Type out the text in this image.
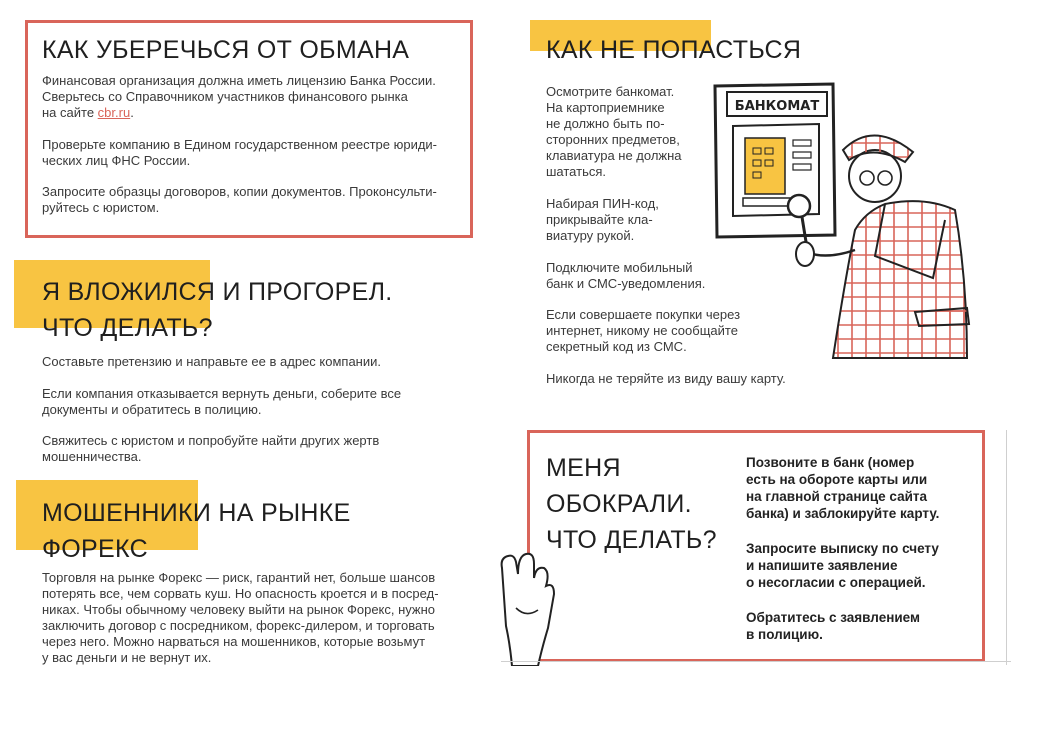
КАК УБЕРЕЧЬСЯ ОТ ОБМАНА

Финансовая организация должна иметь лицензию Банка России.
Сверьтесь со Справочником участников финансового рынка
на сайте cbr.ru.

Проверьте компанию в Едином государственном реестре юриди-
ческих лиц ФНС России.

Запросите образцы договоров, копии документов. Проконсульти-
руйтесь с юристом.

Я ВЛОЖИЛСЯ И ПРОГОРЕЛ.
ЧТО ДЕЛАТЬ?

Составьте претензию и направьте ее в адрес компании.

Если компания отказывается вернуть деньги, соберите все
документы и обратитесь в полицию.

Свяжитесь с юристом и попробуйте найти других жертв
мошенничества.

МОШЕННИКИ НА РЫНКЕ
ФОРЕКС

Торговля на рынке Форекс — риск, гарантий нет, больше шансов
потерять все, чем сорвать куш. Но опасность кроется и в посред-
никах. Чтобы обычному человеку выйти на рынок Форекс, нужно
заключить договор с посредником, форекс-дилером, и торговать
через него. Можно нарваться на мошенников, которые возьмут
у вас деньги и не вернут их.

КАК НЕ ПОПАСТЬСЯ

Осмотрите банкомат.
На картоприемнике
не должно быть по-
сторонних предметов,
клавиатура не должна
шататься.

Набирая ПИН-код,
прикрывайте кла-
виатуру рукой.

Подключите мобильный
банк и СМС-уведомления.

Если совершаете покупки через
интернет, никому не сообщайте
секретный код из СМС.

Никогда не теряйте из виду вашу карту.

БАНКОМАТ
МЕНЯ
ОБОКРАЛИ.
ЧТО ДЕЛАТЬ?

Позвоните в банк (номер
есть на обороте карты или
на главной странице сайта
банка) и заблокируйте карту.

Запросите выписку по счету
и напишите заявление
о несогласии с операцией.

Обратитесь с заявлением
в полицию.
